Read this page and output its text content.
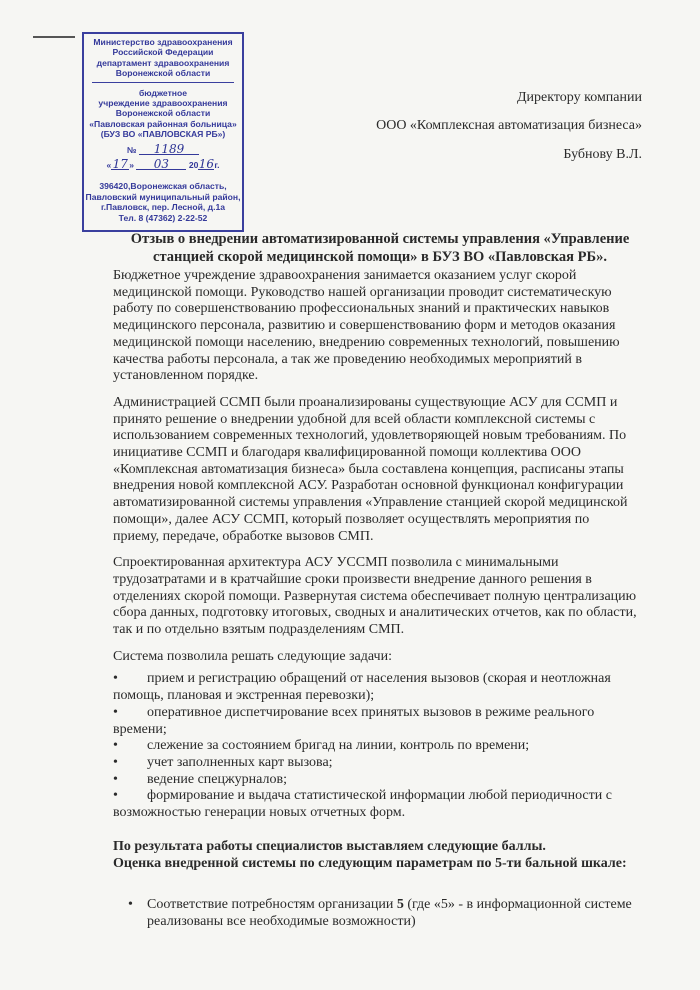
Министерство здравоохранения
Российской Федерации
департамент здравоохранения
Воронежской области
бюджетное
учреждение здравоохранения
Воронежской области
«Павловская районная больница»
(БУЗ ВО «ПАВЛОВСКАЯ РБ»)
№ 1189
«17» 03 2016г.
396420,Воронежская область,
Павловский муниципальный район,
г.Павловск, пер. Лесной, д.1а
Тел. 8 (47362) 2-22-52
Директору компании
ООО «Комплексная автоматизация бизнеса»
Бубнову В.Л.
Отзыв о внедрении автоматизированной системы управления «Управление
станцией скорой медицинской помощи» в БУЗ ВО «Павловская РБ».

Бюджетное учреждение здравоохранения занимается оказанием услуг скорой
медицинской помощи. Руководство нашей организации проводит систематическую
работу по совершенствованию профессиональных знаний и практических навыков
медицинского персонала, развитию и совершенствованию форм и методов оказания
медицинской помощи населению, внедрению современных технологий, повышению
качества работы персонала, а так же проведению необходимых мероприятий в
установленном порядке.

Администрацией ССМП были проанализированы существующие АСУ для ССМП и
принято решение о внедрении удобной для всей области комплексной системы с
использованием современных технологий, удовлетворяющей новым требованиям. По
инициативе ССМП и благодаря квалифицированной помощи коллектива ООО
«Комплексная автоматизация бизнеса» была составлена концепция, расписаны этапы
внедрения новой комплексной АСУ. Разработан основной функционал конфигурации
автоматизированной системы управления «Управление станцией скорой медицинской
помощи», далее АСУ ССМП, который позволяет осуществлять мероприятия по
приему, передаче, обработке вызовов СМП.

Спроектированная архитектура АСУ УССМП позволила с минимальными
трудозатратами и в кратчайшие сроки произвести внедрение данного решения в
отделениях скорой помощи. Развернутая система обеспечивает полную централизацию
сбора данных, подготовку итоговых, сводных и аналитических отчетов, как по области,
так и по отдельно взятым подразделениям СМП.

Система позволила решать следующие задачи:

• прием и регистрацию обращений от населения вызовов (скорая и неотложная
помощь, плановая и экстренная перевозки);
• оперативное диспетчирование всех принятых вызовов в режиме реального
времени;
• слежение за состоянием бригад на линии, контроль по времени;
• учет заполненных карт вызова;
• ведение спецжурналов;
• формирование и выдача статистической информации любой периодичности с
возможностью генерации новых отчетных форм.
По результата работы специалистов выставляем следующие баллы.
Оценка внедренной системы по следующим параметрам по 5-ти бальной шкале:
•	Соответствие потребностям организации 5 (где «5» - в информационной системе
реализованы все необходимые возможности)
